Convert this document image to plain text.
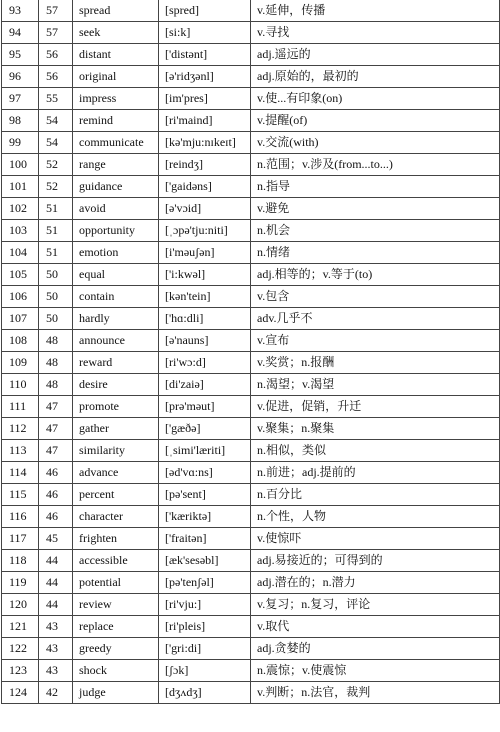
93	57	spread	[spred]	v.延伸，传播
94	57	seek	[si:k]	v.寻找
95	56	distant	['distənt]	adj.遥远的
96	56	original	[ə'ridʒənl]	adj.原始的，最初的
97	55	impress	[im'pres]	v.使...有印象(on)
98	54	remind	[ri'maind]	v.提醒(of)
99	54	communicate	[kə'mju:nɪkeɪt]	v.交流(with)
100	52	range	[reindʒ]	n.范围；v.涉及(from...to...)
101	52	guidance	['gaidəns]	n.指导
102	51	avoid	[ə'vɔid]	v.避免
103	51	opportunity	[ˌɔpə'tju:niti]	n.机会
104	51	emotion	[i'məuʃən]	n.情绪
105	50	equal	['i:kwəl]	adj.相等的；v.等于(to)
106	50	contain	[kən'tein]	v.包含
107	50	hardly	['hɑ:dli]	adv.几乎不
108	48	announce	[ə'nauns]	v.宣布
109	48	reward	[ri'wɔ:d]	v.奖赏；n.报酬
110	48	desire	[di'zaiə]	n.渴望；v.渴望
111	47	promote	[prə'məut]	v.促进，促销，升迁
112	47	gather	['gæðə]	v.聚集；n.聚集
113	47	similarity	[ˌsimi'læriti]	n.相似，类似
114	46	advance	[əd'vɑ:ns]	n.前进；adj.提前的
115	46	percent	[pə'sent]	n.百分比
116	46	character	['kæriktə]	n.个性，人物
117	45	frighten	['fraitən]	v.使惊吓
118	44	accessible	[æk'sesəbl]	adj.易接近的；可得到的
119	44	potential	[pə'tenʃəl]	adj.潜在的；n.潜力
120	44	review	[ri'vju:]	v.复习；n.复习，评论
121	43	replace	[ri'pleis]	v.取代
122	43	greedy	['gri:di]	adj.贪婪的
123	43	shock	[ʃɔk]	n.震惊；v.使震惊
124	42	judge	[dʒʌdʒ]	v.判断；n.法官，裁判
